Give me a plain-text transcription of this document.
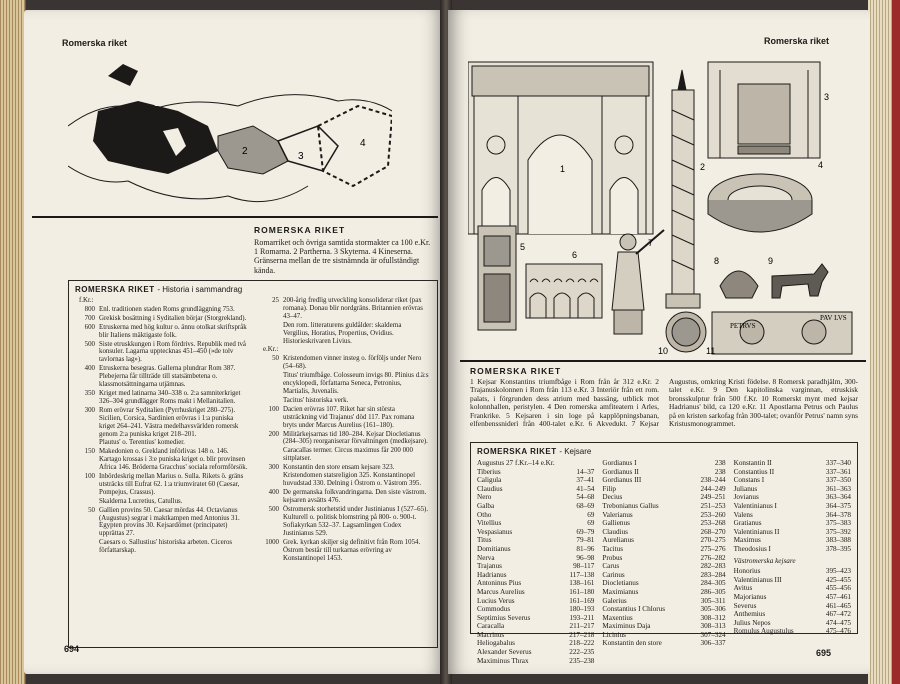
Romerska riket
1
2	3
4
ROMERSKA RIKET
Romarriket och övriga samtida stormakter ca 100 e.Kr. 1 Romarna. 2 Partherna. 3 Skyterna. 4 Kineserna. Gränserna mellan de tre sistnämnda är ofullständigt kända.
ROMERSKA RIKET - Historia i sammandrag
f.Kr.:
800 Enl. traditionen staden Roms grundläggning 753.
700 Grekisk bosättning i Syditalien börjar (Storgrekland).
600 Etruskerna med hög kultur o. ännu otolkat skriftspråk blir Italiens mäktigaste folk.
500 Siste etruskkungen i Rom fördrivs. Republik med två konsuler. Lagarna upptecknas 451–450 (»de tolv tavlornas lag»).
400 Etruskerna besegras. Gallerna plundrar Rom 387. Plebejerna får tillträde till statsämbetena o. klassmotsättningarna utjämnas.
350 Kriget med latinarna 340–338 o. 2:a samniterkriget 326–304 grundlägger Roms makt i Mellanitalien.
300 Rom erövrar Syditalien (Pyrrhuskriget 280–275). Sicilien, Corsica, Sardinien erövras i 1:a puniska kriget 264–241. Västra medelhavsvärlden romersk genom 2:a puniska kriget 218–201.
Plautus' o. Terentius' komedier.
150 Makedonien o. Grekland införlivas 148 o. 146. Kartago krossas i 3:e puniska kriget o. blir provinsen Africa 146. Bröderna Gracchus' sociala reformförsök.
100 Inbördeskrig mellan Marius o. Sulla. Rikets ö. gräns utsträcks till Eufrat 62. 1:a triumviratet 60 (Caesar, Pompejus, Crassus).
Skalderna Lucretius, Catullus.
50 Gallien provins 50. Caesar mördas 44. Octavianus (Augustus) segrar i maktkampen med Antonius 31. Egypten provins 30. Kejsardömet (principatet) upprättas 27.
Caesars o. Sallustius' historiska arbeten. Ciceros författarskap.
25 200-årig fredlig utveckling konsoliderar riket (pax romana). Donau blir nordgräns. Britannien erövras 43–47.
Den rom. litteraturens guldålder: skalderna Vergilius, Horatius, Propertius, Ovidius. Historieskrivaren Livius.
e.Kr.:
50 Kristendomen vinner insteg o. förföljs under Nero (54–68).
Titus' triumfbåge. Colosseum invigs 80. Plinius d.ä:s encyklopedi, författarna Seneca, Petronius, Martialis, Juvenalis.
Tacitus' historiska verk.
100 Dacien erövras 107. Riket har sin största utsträckning vid Trajanus' död 117. Pax romana bryts under Marcus Aurelius (161–180).
200 Militärkejsarnas tid 180–284. Kejsar Diocletianus (284–305) reorganiserar förvaltningen (medkejsare).
Caracallas termer. Circus maximus får 200 000 sittplatser.
300 Konstantin den store ensam kejsare 323. Kristendomen statsreligion 325. Konstantinopel huvudstad 330. Delning i Östrom o. Västrom 395.
400 De germanska folkvandringarna. Den siste västrom. kejsaren avsätts 476.
500 Östromersk storhetstid under Justinianus I (527–65). Kulturell o. politisk blomstring på 800- o. 900-t.
Sofiakyrkan 532–37. Lagsamlingen Codex Justinianus 529.
1000 Grek. kyrkan skiljer sig definitivt från Rom 1054. Östrom består till turkarnas erövring av Konstantinopel 1453.
694
Romerska riket
1	2
3
4
5
6
7
8	9
10
PETRVS
PAV LVS
11
ROMERSKA RIKET
1 Kejsar Konstantins triumfbåge i Rom från år 312 e.Kr. 2 Trajanuskolonnen i Rom från 113 e.Kr. 3 Interiör från ett rom. palats, i förgrunden dess atrium med bassäng, utblick mot kolonnhallen, peristylen. 4 Den romerska amfiteatern i Arles, Frankrike. 5 Kejsaren i sin loge på kapplöpningsbanan, elfenbenssniderì från 400-talet e.Kr. 6 Akvedukt. 7 Kejsar Augustus, omkring Kristi födelse. 8 Romersk paradhjälm, 300-talet e.Kr. 9 Den kapitolinska varginnan, etruskisk bronsskulptur från 500 f.Kr. 10 Romerskt mynt med kejsar Hadrianus' bild, ca 120 e.Kr. 11 Apostlarna Petrus och Paulus på en kristen sarkofag från 300-talet; ovanför Petrus' namn syns Kristusmonogrammet.
ROMERSKA RIKET - Kejsare
Augustus 27 f.Kr.–14 e.Kr.
Tiberius	14–37
Caligula	37–41
Claudius	41–54
Nero	54–68
Galba	68–69
Otho	69
Vitellius	69
Vespasianus	69–79
Titus	79–81
Domitianus	81–96
Nerva	96–98
Trajanus	98–117
Hadrianus	117–138
Antoninus Pius	138–161
Marcus Aurelius	161–180
Lucius Verus	161–169
Commodus	180–193
Septimius Severus	193–211
Caracalla	211–217
Macrinus	217–218
Heliogabalus	218–222
Alexander Severus	222–235
Maximinus Thrax	235–238
Gordianus I	238
Gordianus II	238
Gordianus III	238–244
Filip	244–249
Decius	249–251
Trebonianus Gallus	251–253
Valerianus	253–260
Gallienus	253–268
Claudius	268–270
Aurelianus	270–275
Tacitus	275–276
Probus	276–282
Carus	282–283
Carinus	283–284
Diocletianus	284–305
Maximianus	286–305
Galerius	305–311
Constantius I Chlorus	305–306
Maxentius	308–312
Maximinus Daja	308–313
Licinius	307–324
Konstantin den store	306–337
Konstantin II	337–340
Constantius II	337–361
Constans I	337–350
Julianus	361–363
Jovianus	363–364
Valentinianus I	364–375
Valens	364–378
Gratianus	375–383
Valentinianus II	375–392
Maximus	383–388
Theodosius I	378–395
Västromerska kejsare
Honorius	395–423
Valentinianus III	425–455
Avitus	455–456
Majorianus	457–461
Severus	461–465
Anthemius	467–472
Julius Nepos	474–475
Romulus Augustulus	475–476
695
